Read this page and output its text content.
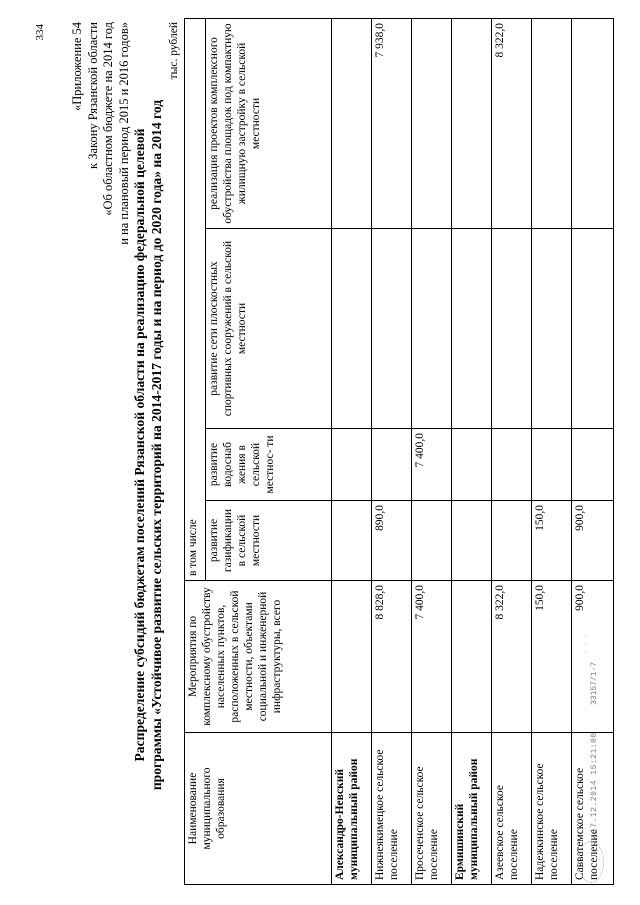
334 «Приложение 54 к Закону Рязанской области «Об областном бюджете на 2014 год и на плановый период 2015 и 2016 годов» Распределение субсидий бюджетам поселений Рязанской области на реализацию федеральной целевой программы «Устойчивое развитие сельских территорий на 2014-2017 годы и на период до 2020 года» на 2014 год
тыс. рублей
Наименование муниципального образования	Мероприятия по комплексному обустройству населенных пунктов, расположенных в сельской местности, объектами социальной и инженерной инфраструктуры, всего	в том числе			
		развитие газификации в сельской местности	развитие водоснаб жения в сельской местнос- ти	развитие сети плоскостных спортивных сооружений в сельской местности	реализация проектов комплексного обустройства площадок под компактную жилищную застройку в сельской местности
Александро-Невский муниципальный район					
Нижнеякимецкое сельское поселение	8 828,0	890,0			7 938,0
Просеченское сельское поселение	7 400,0		7 400,0		
Ермишинский муниципальный район					
Азеевское сельское поселение	8 322,0				8 322,0
Надежкинское сельское поселение	150,0	150,0			
Савватемское сельское поселение	900,0	900,0			
17.12.2014 15:21:00
33157/1-7
⁘ ⁘ ⁘
